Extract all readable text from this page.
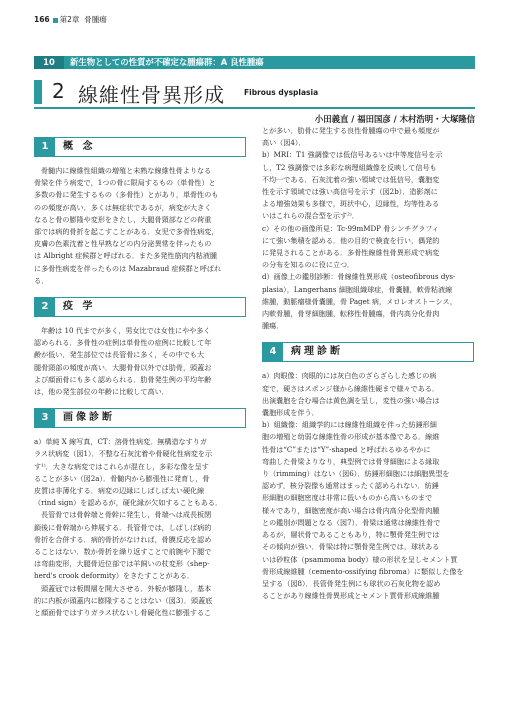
166 第2章 骨腫瘍
10 新生物としての性質が不確定な腫瘍群：A 良性腫瘍
2 線維性骨異形成	Fibrous dysplasia
小田義直 / 福田国彦 / 木村浩明・大塚隆信
1	概 念

骨髄内に線維性組織の増殖と未熟な線維性骨よりなる

骨梁を伴う病変で，1つの骨に限局するもの（単骨性）と

多数の骨に発生するもの（多骨性）とがあり，単骨性のも

のの頻度が高い．多くは無症状であるが，病変が大きく

なると骨の膨隆や変形をきたし，大腿骨頸部などの荷重

部では病的骨折を起こすことがある．女児で多骨性病変，

皮膚の色素沈着と性早熟などの内分泌異常を伴ったもの

は Albright 症候群と呼ばれる．また多発性筋肉内粘液腫

に多骨性病変を伴ったものは Mazabraud 症候群と呼ばれ

る．

2	疫 学

年齢は 10 代までが多く，男女比では女性にやや多く

認められる．多骨性の症例は単骨性の症例に比較して年

齢が低い．発生部位では長管骨に多く，その中でも大

腿骨頸部の頻度が高い．大腿骨骨以外では肋骨，頭蓋お

よび顔面骨にも多く認められる．肋骨発生例の平均年齢

は，他の発生部位の年齢に比較して高い．

3	画像診断

a）単純 X 線写真，CT：溶骨性病変．無構造なすりガ

ラス状病変（図1）．不整な石灰沈着や骨硬化性病変を示

す¹⁾．大きな病変ではこれらが混在し，多彩な像を呈す

ることが多い（図2a）．骨髄内から膨張性に発育し，骨

皮質は非薄化する．病変の辺縁にしばしば太い硬化線

（rind sign）を認めるが，硬化縁が欠如することもある．

長管骨では骨幹端と骨幹に発生し，骨端へは成長板閉

鎖後に骨幹端から伸展する．長管骨では，しばしば病的

骨折を合併する．病的骨折がなければ，骨膜反応を認め

ることはない．数か骨折を繰り返すことで前腕や下腿で

は弯曲変形，大腿骨近位部では羊飼いの杖変形（shep-

herd's crook deformity）をきたすことがある．

頭蓋冠では板間層を開大させる．外板が膨隆し，基本

的に内板が頭蓋内に膨隆することはない（図3）．頭蓋底

と顔面骨ではすりガラス状ないし骨硬化性に膨張するこ

とが多い．肋骨に発生する良性骨腫瘍の中で最も頻度が

高い（図4）．

b）MRI：T1 強調像では低信号あるいは中等度信号を示

し，T2 強調像では多彩な病理組織像を反映して信号も

不均一である．石灰沈着の強い領域では低信号，嚢胞変

性を示す領域では強い高信号を示す（図2b）．造影剤に

よる増強効果も多様で，斑状中心，辺縁性，均等性ある

いはこれらの混合型を示す²⁾．

c）その他の画像所見：Tc-99mMDP 骨シンチグラフィ

にて強い集積を認める．他の目的で検査を行い，偶発的

に発見されることがある．多骨性線維性骨異形成で病変

の分布を知るのに役に立つ．

d）画像上の鑑別診断：骨線維性異形成（osteofibrous dys-

plasia），Langerhans 細胞組織球症，骨嚢腫，軟骨粘液線

維腫，動脈瘤様骨嚢腫，骨 Paget 病，メロレオストーシス，

内軟骨腫，骨芽細胞腫，転移性骨腫瘍，骨内高分化骨肉

腫瘍．

4	病理診断

a）肉眼像：肉眼的には灰白色のざらざらした感じの病

変で，硬さはスポンジ様から線維性硬まで様々である．

出演嚢胞を合む場合は黄色調を呈し，変性の強い場合は

嚢胞形成を伴う．

b）組織像：組織学的には線維性組織を伴った紡錘形細

胞の増殖と幼弱な線維性骨の形成が基本像である．線維

性骨は“C”または“Y”-shaped と呼ばれるゆるやかに

弯曲した骨梁よりなり，典型例では骨芽細胞による縁取

り（rimming）はない（図6）．紡錘形細胞には細胞異型を

認めず，核分裂像も通常はまったく認められない．紡錘

形細胞の細胞密度は非常に低いものから高いものまで

様々であり，細胞密度が高い場合は骨内高分化型骨肉腫

との鑑別が問題となる（図7）．骨梁は通常は線維性骨で

あるが，層状骨であることもあり，特に顎骨発生例では

その傾向が強い．骨梁は特に顎骨発生例では，球状ある

いは砂粒体（psammoma body）様の形状を呈しセメント質

骨形成線維腫（cemento-ossifying fibroma）に類似した像を

呈する（図8）．長管骨発生例にも球状の石灰化物を認め

ることがあり線維性骨異形成とセメント質骨形成線維腫
